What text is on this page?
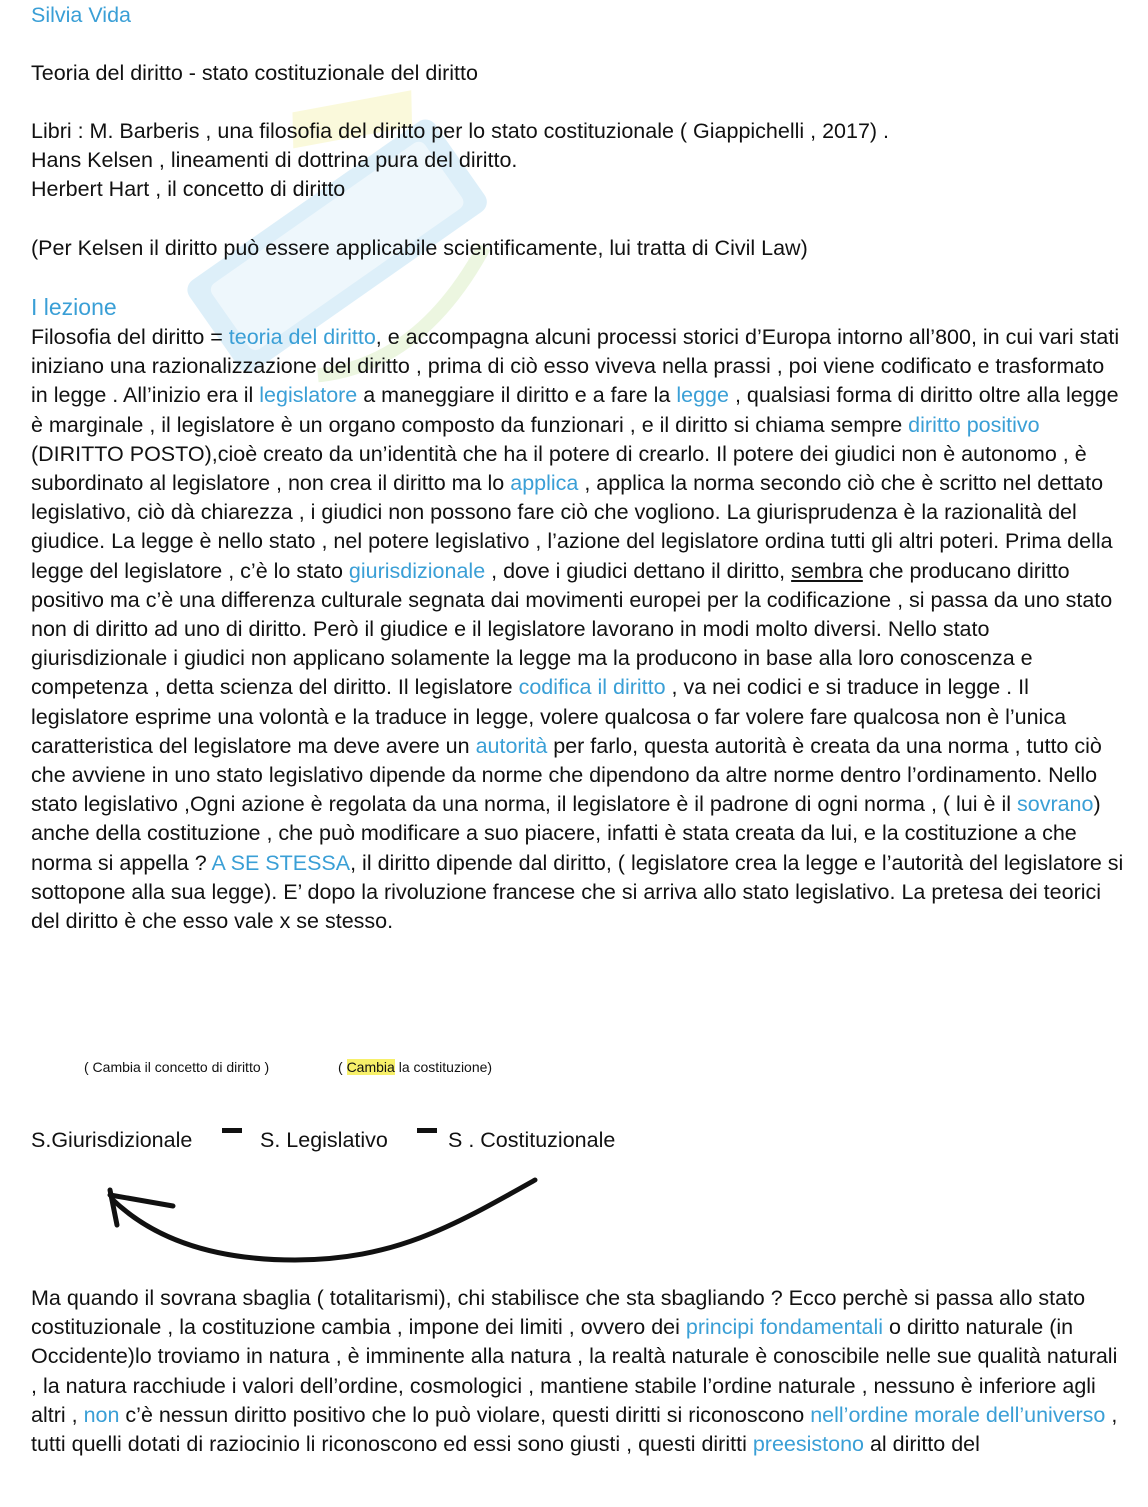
Silvia Vida
Teoria del diritto - stato costituzionale del diritto
Libri : M. Barberis , una filosofia del diritto per lo stato costituzionale ( Giappichelli , 2017) .
Hans Kelsen , lineamenti di dottrina pura del diritto.
Herbert Hart , il concetto di diritto
(Per Kelsen il diritto può essere applicabile scientificamente, lui tratta di Civil Law)
I lezione
Filosofia del diritto = teoria del diritto, e accompagna alcuni processi storici d’Europa intorno all’800, in cui vari stati iniziano una razionalizzazione del diritto , prima di ciò esso viveva nella prassi , poi viene codificato e trasformato in legge . All’inizio era il legislatore a maneggiare il diritto e a fare la legge , qualsiasi forma di diritto oltre alla legge è marginale , il legislatore è un organo composto da funzionari , e il diritto si chiama sempre diritto positivo (DIRITTO POSTO),cioè creato da un’identità che ha il potere di crearlo. Il potere dei giudici non è autonomo , è subordinato al legislatore , non crea il diritto ma lo applica , applica la norma secondo ciò che è scritto nel dettato legislativo, ciò dà chiarezza , i giudici non possono fare ciò che vogliono. La giurisprudenza è la razionalità del giudice. La legge è nello stato , nel potere legislativo , l’azione del legislatore ordina tutti gli altri poteri. Prima della legge del legislatore , c’è lo stato giurisdizionale , dove i giudici dettano il diritto, sembra che producano diritto positivo ma c’è una differenza culturale segnata dai movimenti europei per la codificazione , si passa da uno stato non di diritto ad uno di diritto. Però il giudice e il legislatore lavorano in modi molto diversi. Nello stato giurisdizionale i giudici non applicano solamente la legge ma la producono in base alla loro conoscenza e competenza , detta scienza del diritto. Il legislatore codifica il diritto , va nei codici e si traduce in legge . Il legislatore esprime una volontà e la traduce in legge, volere qualcosa o far volere fare qualcosa non è l’unica caratteristica del legislatore ma deve avere un autorità per farlo, questa autorità è creata da una norma , tutto ciò che avviene in uno stato legislativo dipende da norme che dipendono da altre norme dentro l’ordinamento. Nello stato legislativo ,Ogni azione è regolata da una norma, il legislatore è il padrone di ogni norma , ( lui è il sovrano) anche della costituzione , che può modificare a suo piacere, infatti è stata creata da lui, e la costituzione a che norma si appella ? A SE STESSA, il diritto dipende dal diritto, ( legislatore crea la legge e l’autorità del legislatore si sottopone alla sua legge). E’ dopo la rivoluzione francese che si arriva allo stato legislativo. La pretesa dei teorici del diritto è che esso vale x se stesso.
( Cambia il concetto di diritto )	( Cambia la costituzione)
S.Giurisdizionale	S. Legislativo	S . Costituzionale
Ma quando il sovrana sbaglia ( totalitarismi), chi stabilisce che sta sbagliando ? Ecco perchè si passa allo stato costituzionale , la costituzione cambia , impone dei limiti , ovvero dei principi fondamentali o diritto naturale (in Occidente)lo troviamo in natura , è imminente alla natura , la realtà naturale è conoscibile nelle sue qualità naturali , la natura racchiude i valori dell’ordine, cosmologici , mantiene stabile l’ordine naturale , nessuno è inferiore agli altri , non c’è nessun diritto positivo che lo può violare, questi diritti si riconoscono nell’ordine morale dell’universo , tutti quelli dotati di raziocinio li riconoscono ed essi sono giusti , questi diritti preesistono al diritto del
